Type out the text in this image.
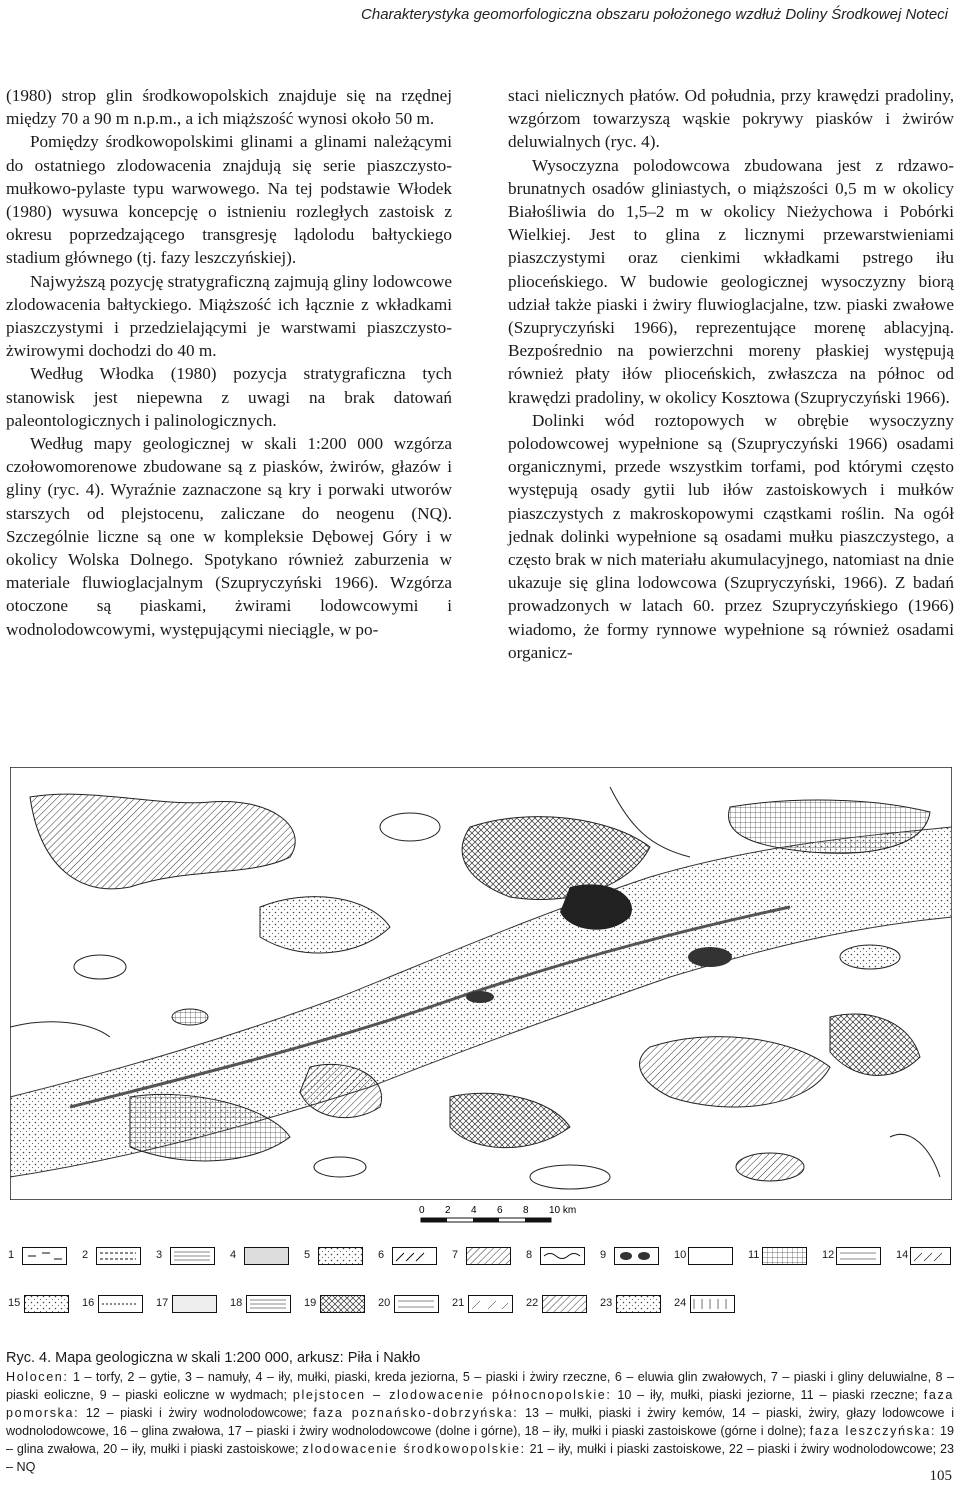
Charakterystyka geomorfologiczna obszaru położonego wzdłuż Doliny Środkowej Noteci

(1980) strop glin środkowopolskich znajduje się na rzędnej między 70 a 90 m n.p.m., a ich miąższość wynosi około 50 m.

Pomiędzy środkowopolskimi glinami a glinami należącymi do ostatniego zlodowacenia znajdują się serie piaszczysto-mułkowo-pylaste typu warwowego. Na tej podstawie Włodek (1980) wysuwa koncepcję o istnieniu rozległych zastoisk z okresu poprzedzającego transgresję lądolodu bałtyckiego stadium głównego (tj. fazy leszczyńskiej).

Najwyższą pozycję stratygraficzną zajmują gliny lodowcowe zlodowacenia bałtyckiego. Miąższość ich łącznie z wkładkami piaszczystymi i przedzielającymi je warstwami piaszczysto-żwirowymi dochodzi do 40 m.

Według Włodka (1980) pozycja stratygraficzna tych stanowisk jest niepewna z uwagi na brak datowań paleontologicznych i palinologicznych.

Według mapy geologicznej w skali 1:200 000 wzgórza czołowomorenowe zbudowane są z piasków, żwirów, głazów i gliny (ryc. 4). Wyraźnie zaznaczone są kry i porwaki utworów starszych od plejstocenu, zaliczane do neogenu (NQ). Szczególnie liczne są one w kompleksie Dębowej Góry i w okolicy Wolska Dolnego. Spotykano również zaburzenia w materiale fluwioglacjalnym (Szupryczyński 1966). Wzgórza otoczone są piaskami, żwirami lodowcowymi i wodnolodowcowymi, występującymi nieciągle, w po-

staci nielicznych płatów. Od południa, przy krawędzi pradoliny, wzgórzom towarzyszą wąskie pokrywy piasków i żwirów deluwialnych (ryc. 4).

Wysoczyzna polodowcowa zbudowana jest z rdzawo-brunatnych osadów gliniastych, o miąższości 0,5 m w okolicy Białośliwia do 1,5–2 m w okolicy Nieżychowa i Pobórki Wielkiej. Jest to glina z licznymi przewarstwieniami piaszczystymi oraz cienkimi wkładkami pstrego iłu plioceńskiego. W budowie geologicznej wysoczyzny biorą udział także piaski i żwiry fluwioglacjalne, tzw. piaski zwałowe (Szupryczyński 1966), reprezentujące morenę ablacyjną. Bezpośrednio na powierzchni moreny płaskiej występują również płaty iłów plioceńskich, zwłaszcza na północ od krawędzi pradoliny, w okolicy Kosztowa (Szupryczyński 1966).

Dolinki wód roztopowych w obrębie wysoczyzny polodowcowej wypełnione są (Szupryczyński 1966) osadami organicznymi, przede wszystkim torfami, pod którymi często występują osady gytii lub iłów zastoiskowych i mułków piaszczystych z makroskopowymi cząstkami roślin. Na ogół jednak dolinki wypełnione są osadami mułku piaszczystego, a często brak w nich materiału akumulacyjnego, natomiast na dnie ukazuje się glina lodowcowa (Szupryczyński, 1966). Z badań prowadzonych w latach 60. przez Szupryczyńskiego (1966) wiadomo, że formy rynnowe wypełnione są również osadami organicz-

0 2 4 6 8 10 km
1	2	3	4	5	6	7	8	9	10	11	12	14
15	16	17	18	19	20	21	22	23	24
Ryc. 4. Mapa geologiczna w skali 1:200 000, arkusz: Piła i Nakło
Holocen: 1 – torfy, 2 – gytie, 3 – namuły, 4 – iły, mułki, piaski, kreda jeziorna, 5 – piaski i żwiry rzeczne, 6 – eluwia glin zwałowych, 7 – piaski i gliny deluwialne, 8 – piaski eoliczne, 9 – piaski eoliczne w wydmach; plejstocen – zlodowacenie północnopolskie: 10 – iły, mułki, piaski jeziorne, 11 – piaski rzeczne; faza pomorska: 12 – piaski i żwiry wodnolodowcowe; faza poznańsko-dobrzyńska: 13 – mułki, piaski i żwiry kemów, 14 – piaski, żwiry, głazy lodowcowe i wodnolodowcowe, 16 – glina zwałowa, 17 – piaski i żwiry wodnolodowcowe (dolne i górne), 18 – iły, mułki i piaski zastoiskowe (górne i dolne); faza leszczyńska: 19 – glina zwałowa, 20 – iły, mułki i piaski zastoiskowe; zlodowacenie środkowopolskie: 21 – iły, mułki i piaski zastoiskowe, 22 – piaski i żwiry wodnolodowcowe; 23 – NQ
105
